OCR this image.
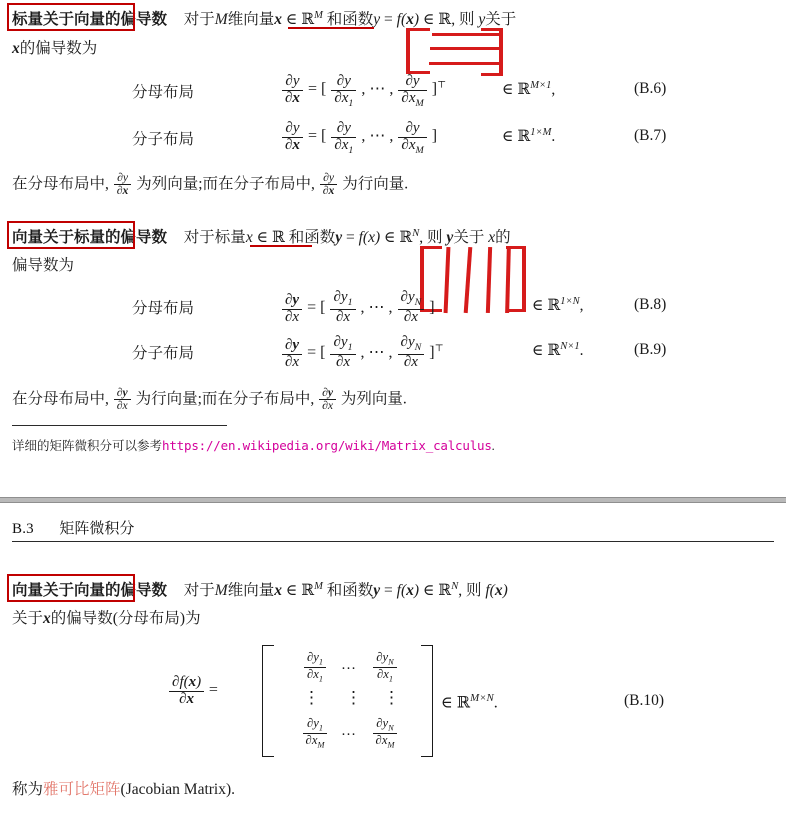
标量关于向量的偏导数 对于M维向量x ∈ ℝ$^M$ 和函数y = f(x) ∈ ℝ, 则 y关于
x的偏导数为
分母布局	$\frac{\partial y}{\partial x}$ = [ $\frac{\partial y}{\partial x_1}$ , ⋯ , $\frac{\partial y}{\partial x_M} ]^⊤$	∈ ℝ$^{M\times 1}$,	(B.6)
分子布局	$\frac{\partial y}{\partial x}$ = [ $\frac{\partial y}{\partial x_1}$ , ⋯ , $\frac{\partial y}{\partial x_M}$ ]	∈ ℝ$^{1\times M}$.	(B.7)
在分母布局中, $\frac{\partial y}{\partial x}$ 为列向量;而在分子布局中, $\frac{\partial y}{\partial x}$ 为行向量.
向量关于标量的偏导数 对于标量x ∈ ℝ 和函数y = f(x) ∈ ℝ$^N$, 则 y关于 x的
偏导数为
分母布局	$\frac{\partial y}{\partial x}$ = [ $\frac{\partial y_1}{\partial x}$ , ⋯ , $\frac{\partial y_N}{\partial x}$ ]	∈ ℝ$^{1\times N}$,	(B.8)
分子布局	$\frac{\partial y}{\partial x}$ = [ $\frac{\partial y_1}{\partial x}$ , ⋯ , $\frac{\partial y_N}{\partial x} ]^⊤$	∈ ℝ$^{N\times 1}$.	(B.9)
在分母布局中, $\frac{\partial y}{\partial x}$ 为行向量;而在分子布局中, $\frac{\partial y}{\partial x}$ 为列向量.
详细的矩阵微积分可以参考https://en.wikipedia.org/wiki/Matrix_calculus.
B.3 矩阵微积分
向量关于向量的偏导数 对于M维向量x ∈ ℝ$^M$ 和函数y = f(x) ∈ ℝ$^N$, 则 f(x)
关于x的偏导数(分母布局)为
$\frac{\partial f(x)}{\partial x}$ =
$\frac{\partial y_1}{\partial x_1}$ … $\frac{\partial y_N}{\partial x_1}$
⋮ ⋮ ⋮
$\frac{\partial y_1}{\partial x_M}$ … $\frac{\partial y_N}{\partial x_M}$
∈ ℝ$^{M\times N}$.	(B.10)
称为雅可比矩阵(Jacobian Matrix).
